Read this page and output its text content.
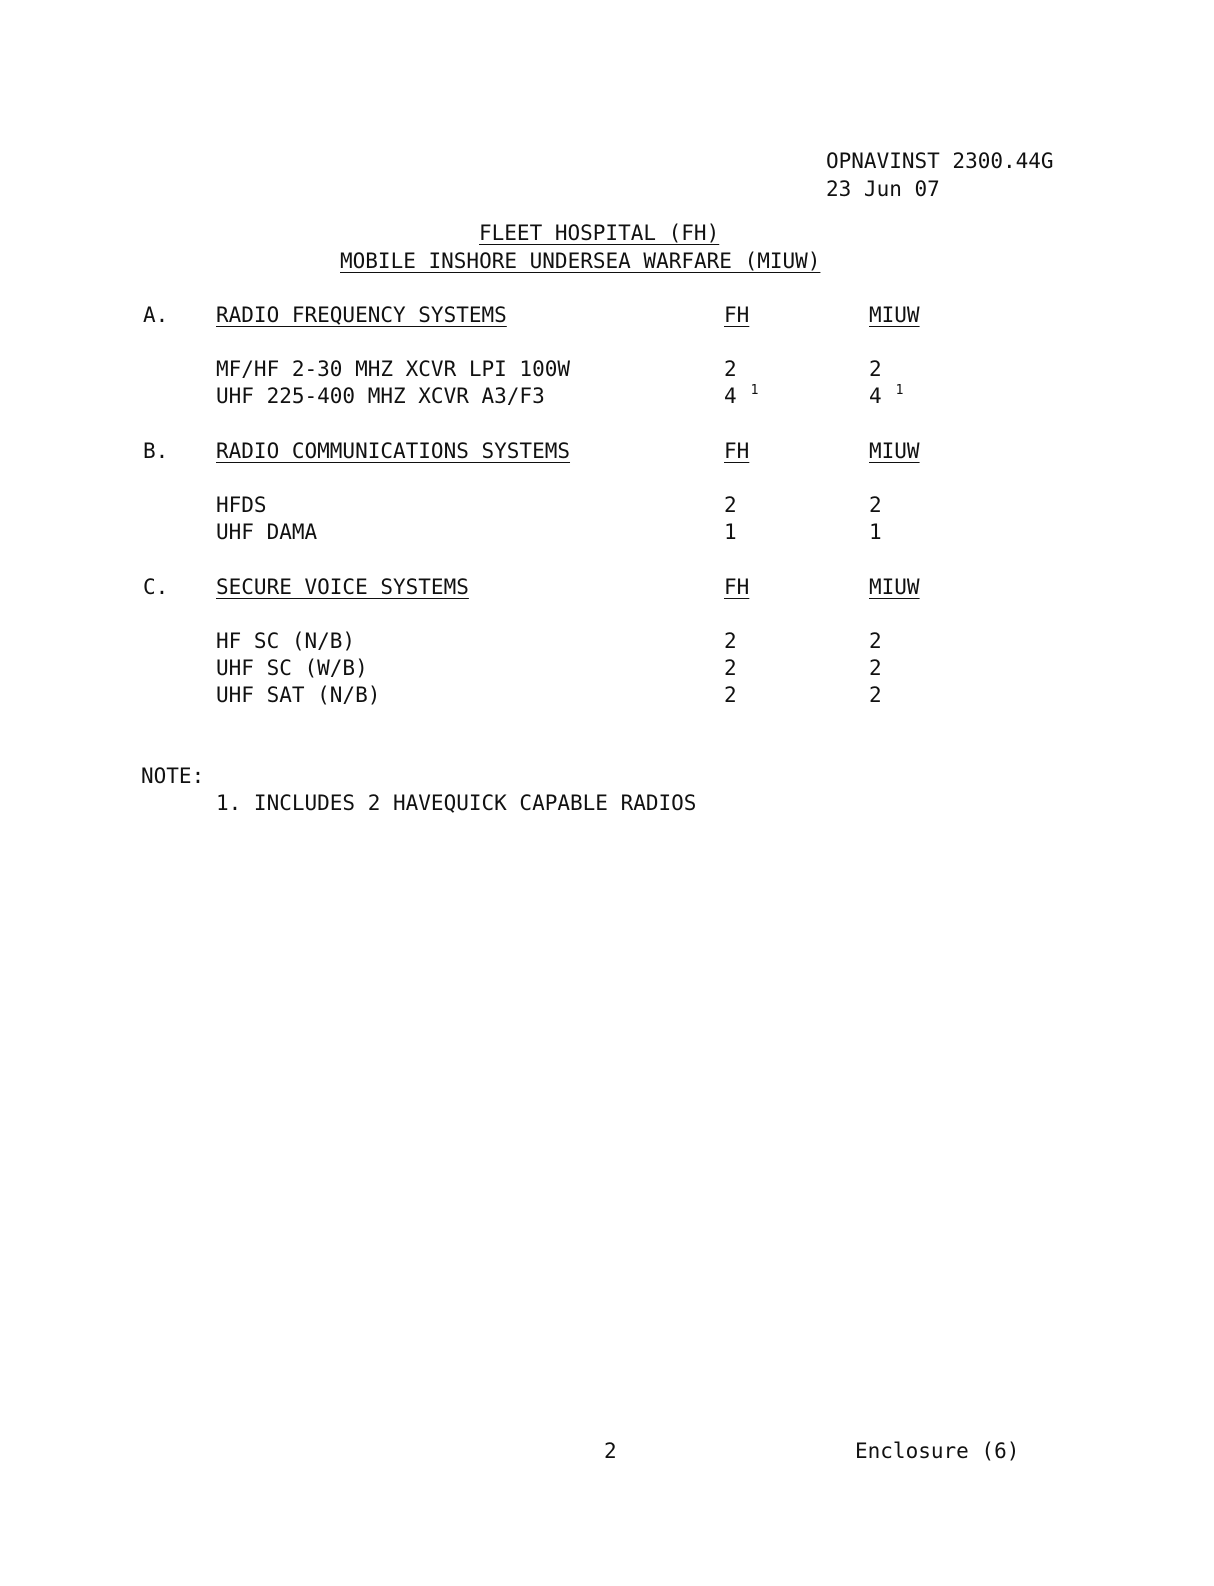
OPNAVINST 2300.44G
23 Jun 07
FLEET HOSPITAL (FH)
MOBILE INSHORE UNDERSEA WARFARE (MIUW)
A. RADIO FREQUENCY SYSTEMS	FH	MIUW
MF/HF 2-30 MHZ XCVR LPI 100W	2	2
UHF 225-400 MHZ XCVR A3/F3	4 $^1$	4 $^1$
B. RADIO COMMUNICATIONS SYSTEMS	FH	MIUW
HFDS	2	2
UHF DAMA	1	1
C. SECURE VOICE SYSTEMS	FH	MIUW
HF SC (N/B)	2	2
UHF SC (W/B)	2	2
UHF SAT (N/B)	2	2
NOTE:
1. INCLUDES 2 HAVEQUICK CAPABLE RADIOS
2	Enclosure (6)
